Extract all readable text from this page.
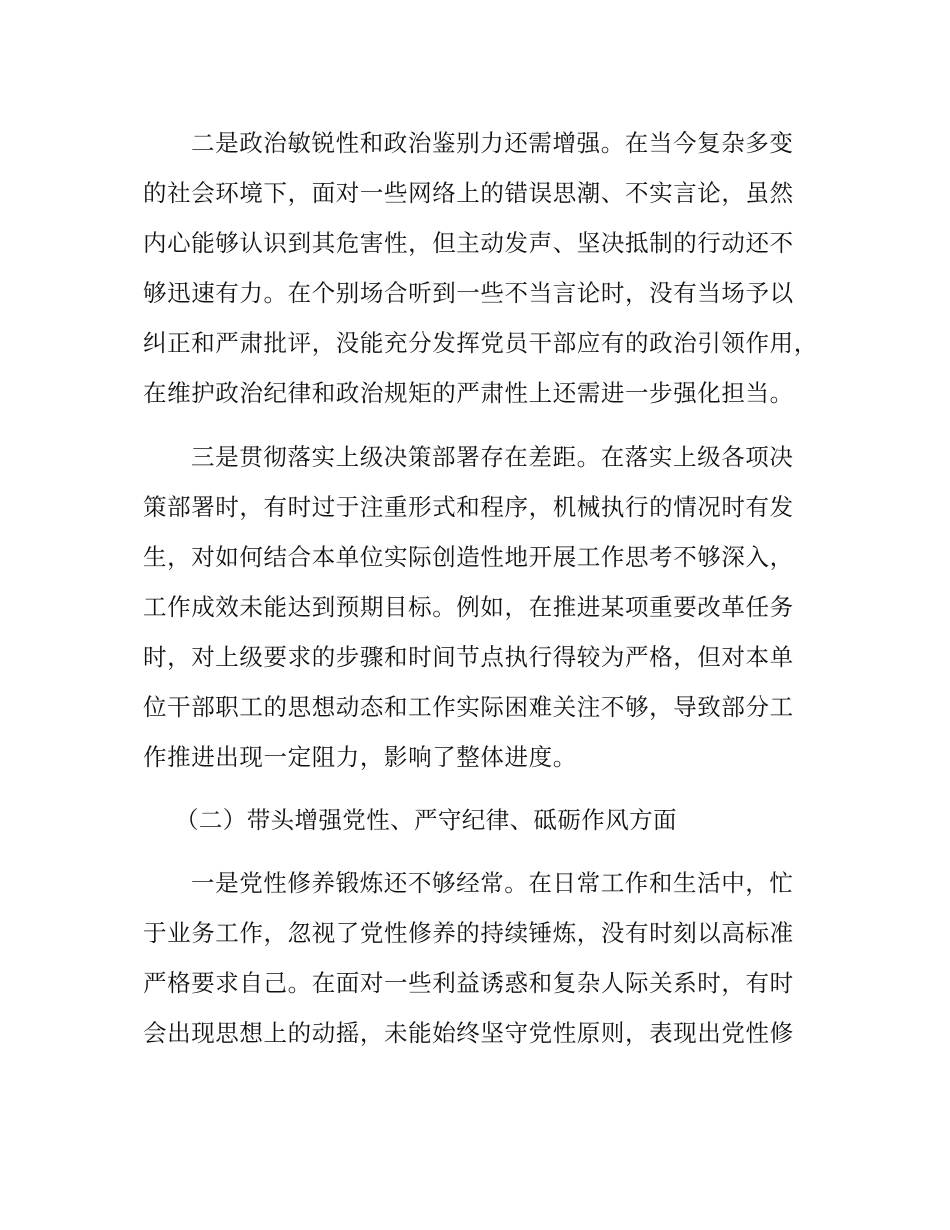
二是政治敏锐性和政治鉴别力还需增强。在当今复杂多变
的社会环境下，面对一些网络上的错误思潮、不实言论，虽然
内心能够认识到其危害性，但主动发声、坚决抵制的行动还不
够迅速有力。在个别场合听到一些不当言论时，没有当场予以
纠正和严肃批评，没能充分发挥党员干部应有的政治引领作用，
在维护政治纪律和政治规矩的严肃性上还需进一步强化担当。
三是贯彻落实上级决策部署存在差距。在落实上级各项决
策部署时，有时过于注重形式和程序，机械执行的情况时有发
生，对如何结合本单位实际创造性地开展工作思考不够深入，
工作成效未能达到预期目标。例如，在推进某项重要改革任务
时，对上级要求的步骤和时间节点执行得较为严格，但对本单
位干部职工的思想动态和工作实际困难关注不够，导致部分工
作推进出现一定阻力，影响了整体进度。
（二）带头增强党性、严守纪律、砥砺作风方面
一是党性修养锻炼还不够经常。在日常工作和生活中，忙
于业务工作，忽视了党性修养的持续锤炼，没有时刻以高标准
严格要求自己。在面对一些利益诱惑和复杂人际关系时，有时
会出现思想上的动摇，未能始终坚守党性原则，表现出党性修
